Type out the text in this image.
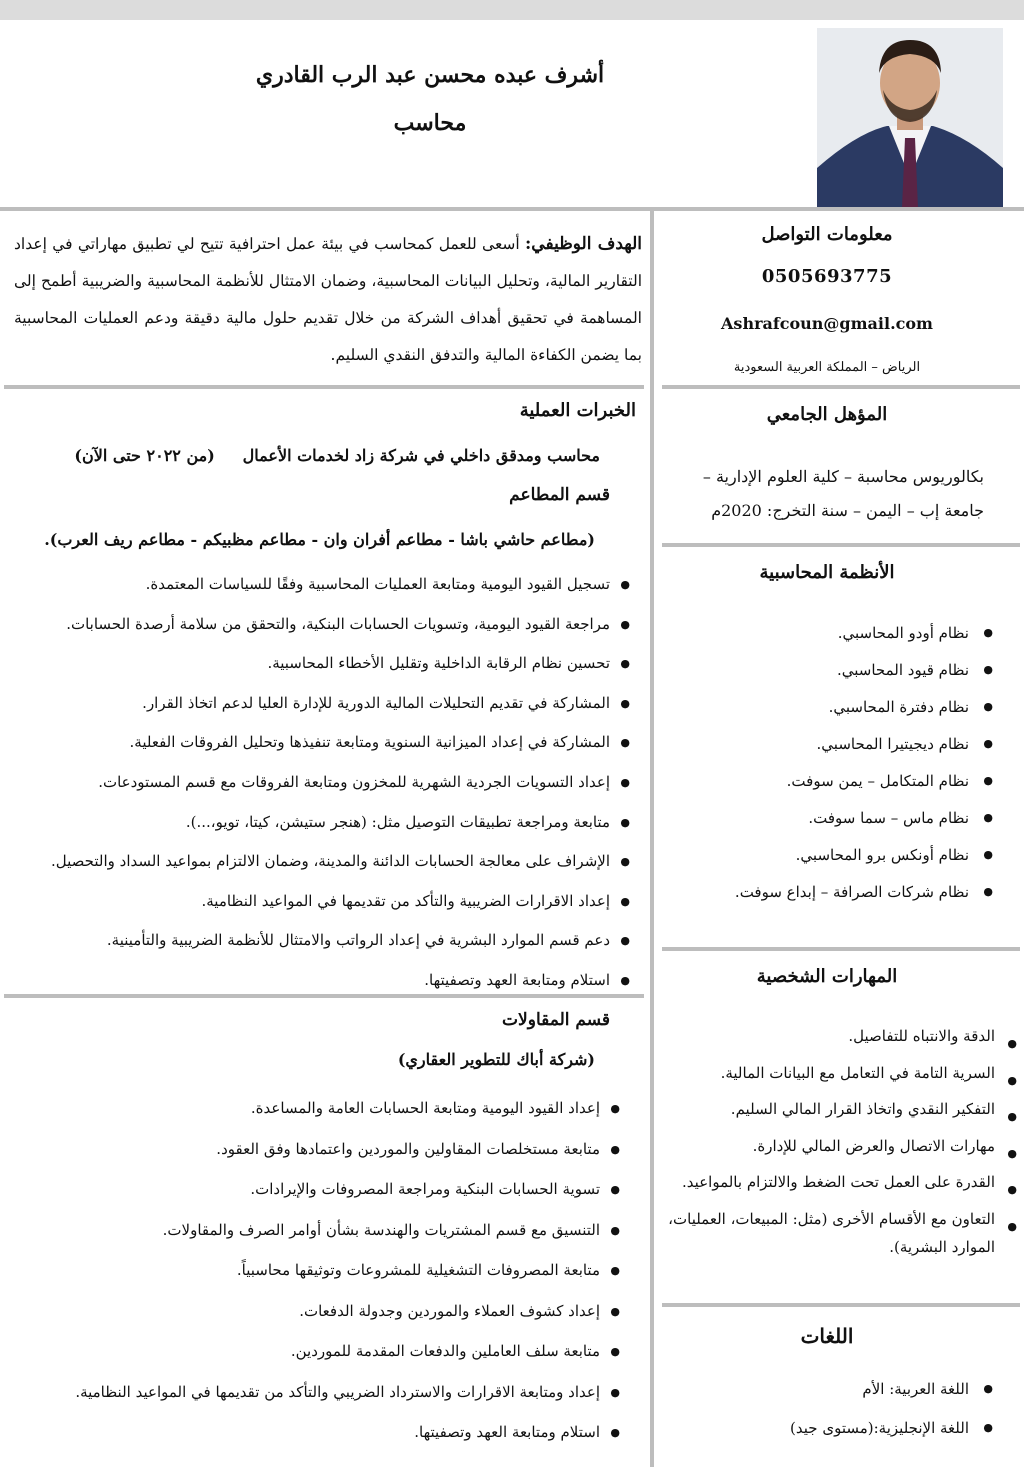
أشرف عبده محسن عبد الرب القادري
محاسب
معلومات التواصل
0505693775
Ashrafcoun@gmail.com
الرياض – المملكة العربية السعودية
المؤهل الجامعي
بكالوريوس محاسبة – كلية العلوم الإدارية –
جامعة إب – اليمن – سنة التخرج: 2020م
الأنظمة المحاسبية
● نظام أودو المحاسبي.
● نظام قيود المحاسبي.
● نظام دفترة المحاسبي.
● نظام ديجيتيرا المحاسبي.
● نظام المتكامل – يمن سوفت.
● نظام ماس – سما سوفت.
● نظام أونكس برو المحاسبي.
● نظام شركات الصرافة – إبداع سوفت.
المهارات الشخصية
● الدقة والانتباه للتفاصيل.
● السرية التامة في التعامل مع البيانات المالية.
● التفكير النقدي واتخاذ القرار المالي السليم.
● مهارات الاتصال والعرض المالي للإدارة.
● القدرة على العمل تحت الضغط والالتزام بالمواعيد.
● التعاون مع الأقسام الأخرى (مثل: المبيعات، العمليات، الموارد البشرية).
اللغات
● اللغة العربية: الأم
● اللغة الإنجليزية:(مستوى جيد)
الهدف الوظيفي: أسعى للعمل كمحاسب في بيئة عمل احترافية تتيح لي تطبيق مهاراتي في إعداد التقارير المالية، وتحليل البيانات المحاسبية، وضمان الامتثال للأنظمة المحاسبية والضريبية أطمح إلى المساهمة في تحقيق أهداف الشركة من خلال تقديم حلول مالية دقيقة ودعم العمليات المحاسبية بما يضمن الكفاءة المالية والتدفق النقدي السليم.
الخبرات العملية
محاسب ومدقق داخلي في شركة زاد لخدمات الأعمال     (من ٢٠٢٢ حتى الآن)
قسم المطاعم
(مطاعم حاشي باشا - مطاعم أفران وان - مطاعم مظبيكم - مطاعم ريف العرب).
● تسجيل القيود اليومية ومتابعة العمليات المحاسبية وفقًا للسياسات المعتمدة.
● مراجعة القيود اليومية، وتسويات الحسابات البنكية، والتحقق من سلامة أرصدة الحسابات.
● تحسين نظام الرقابة الداخلية وتقليل الأخطاء المحاسبية.
● المشاركة في تقديم التحليلات المالية الدورية للإدارة العليا لدعم اتخاذ القرار.
● المشاركة في إعداد الميزانية السنوية ومتابعة تنفيذها وتحليل الفروقات الفعلية.
● إعداد التسويات الجردية الشهرية للمخزون ومتابعة الفروقات مع قسم المستودعات.
● متابعة ومراجعة تطبيقات التوصيل مثل: (هنجر ستيشن، كيتا، تويو،...).
● الإشراف على معالجة الحسابات الدائنة والمدينة، وضمان الالتزام بمواعيد السداد والتحصيل.
● إعداد الاقرارات الضريبية والتأكد من تقديمها في المواعيد النظامية.
● دعم قسم الموارد البشرية في إعداد الرواتب والامتثال للأنظمة الضريبية والتأمينية.
● استلام ومتابعة العهد وتصفيتها.
قسم المقاولات
(شركة أباك للتطوير العقاري)
● إعداد القيود اليومية ومتابعة الحسابات العامة والمساعدة.
● متابعة مستخلصات المقاولين والموردين واعتمادها وفق العقود.
● تسوية الحسابات البنكية ومراجعة المصروفات والإيرادات.
● التنسيق مع قسم المشتريات والهندسة بشأن أوامر الصرف والمقاولات.
● متابعة المصروفات التشغيلية للمشروعات وتوثيقها محاسبياً.
● إعداد كشوف العملاء والموردين وجدولة الدفعات.
● متابعة سلف العاملين والدفعات المقدمة للموردين.
● إعداد ومتابعة الاقرارات والاسترداد الضريبي والتأكد من تقديمها في المواعيد النظامية.
● استلام ومتابعة العهد وتصفيتها.
